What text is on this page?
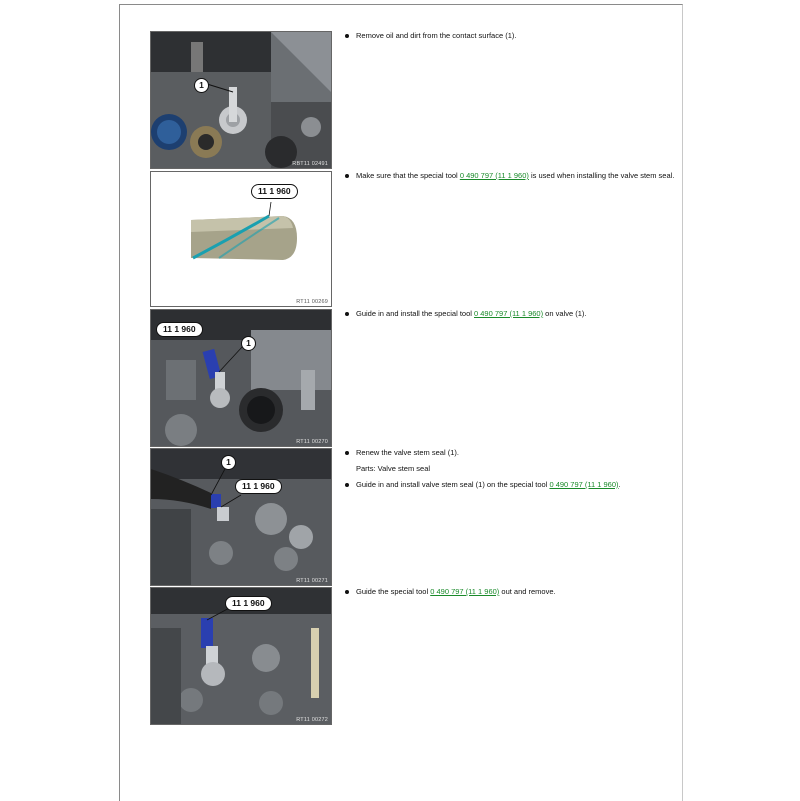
1
RBT11 02491
Remove oil and dirt from the contact surface (1).
11 1 960
RT11 00269
Make sure that the special tool 0 490 797 (11 1 960) is used when installing the valve stem seal.
11 1 960
1
RT11 00270
Guide in and install the special tool 0 490 797 (11 1 960) on valve (1).
1
11 1 960
RT11 00271
Renew the valve stem seal (1).
Parts: Valve stem seal
Guide in and install valve stem seal (1) on the special tool 0 490 797 (11 1 960).
11 1 960
RT11 00272
Guide the special tool 0 490 797 (11 1 960) out and remove.
